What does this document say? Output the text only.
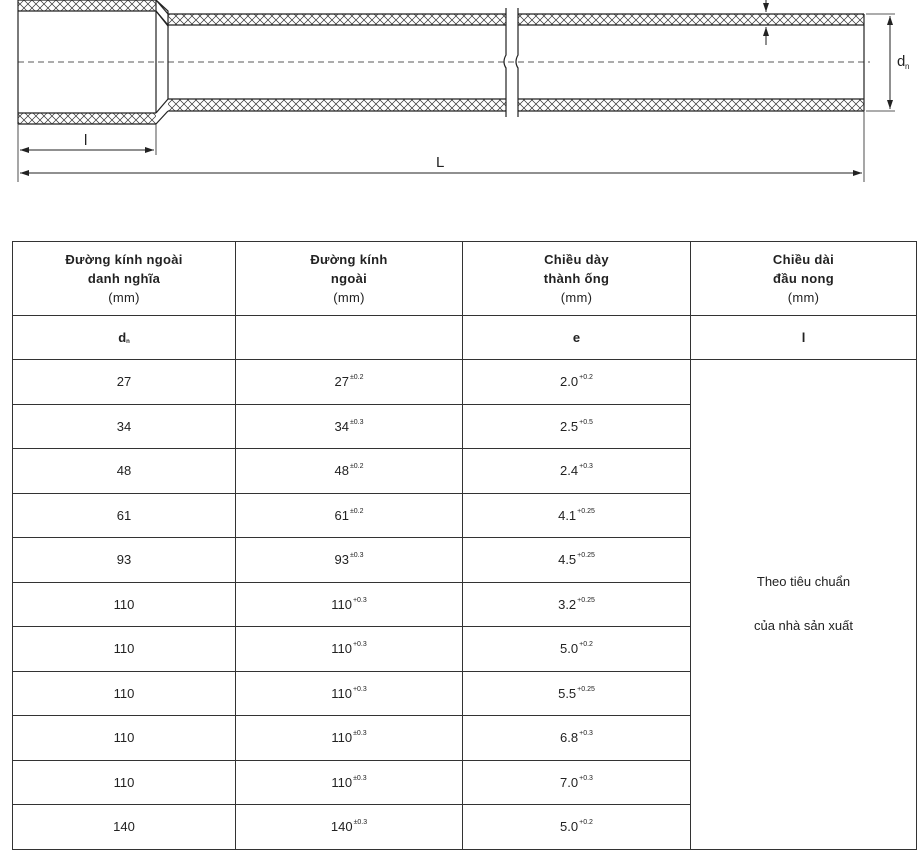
d n
l
L
Đường kính ngoài
danh nghĩa
(mm)	Đường kính
ngoài
(mm)	Chiều dày
thành ống
(mm)	Chiều dài
đầu nong
(mm)

dn		e	l
27	$27^{\pm 0.2}$	$2.0^{+0.2}$	Theo tiêu chuẩn
của nhà sản xuất

34	$34^{\pm 0.3}$	$2.5^{+0.5}$
48	$48^{\pm 0.2}$	$2.4^{+0.3}$
61	$61^{\pm 0.2}$	$4.1^{+0.25}$
93	$93^{\pm 0.3}$	$4.5^{+0.25}$
110	$110^{+0.3}$	$3.2^{+0.25}$
110	$110^{+0.3}$	$5.0^{+0.2}$
110	$110^{+0.3}$	$5.5^{+0.25}$
110	$110^{\pm 0.3}$	$6.8^{+0.3}$
110	$110^{\pm 0.3}$	$7.0^{+0.3}$
140	$140^{\pm 0.3}$	$5.0^{+0.2}$
